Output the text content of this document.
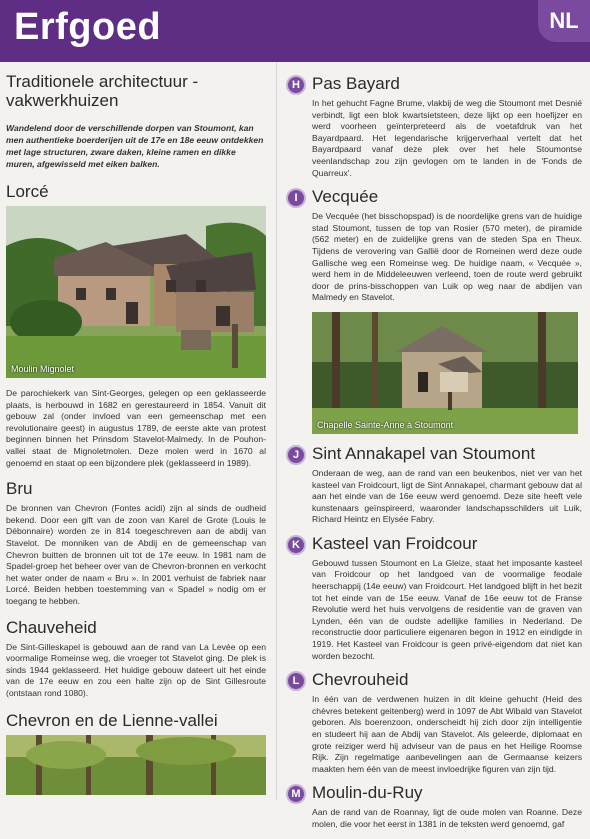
Erfgoed	NL
Traditionele architectuur - vakwerkhuizen
Wandelend door de verschillende dorpen van Stoumont, kan men authentieke boerderijen uit de 17e en 18e eeuw ontdekken met lage structuren, zware daken, kleine ramen en dikke muren, afgewisseld met eiken balken.
Lorcé
Moulin Mignolet
De parochiekerk van Sint-Georges, gelegen op een geklasseerde plaats, is herbouwd in 1682 en gerestaureerd in 1854. Vanuit dit gebouw zal (onder invloed van een gemeenschap met een revolutionaire geest) in augustus 1789, de eerste akte van protest beginnen binnen het Prinsdom Stavelot-Malmedy. In de Pouhon-vallei staat de Mignoletmolen. Deze molen werd in 1670 al genoemd en staat op een bijzondere plek (geklasseerd in 1989).
Bru
De bronnen van Chevron (Fontes acidi) zijn al sinds de oudheid bekend. Door een gift van de zoon van Karel de Grote (Louis le Débonnaire) worden ze in 814 toegeschreven aan de abdij van Stavelot. De monniken van de Abdij en de gemeenschap van Chevron buitten de bronnen uit tot de 17e eeuw. In 1981 nam de Spadel-groep het beheer over van de Chevron-bronnen en verkocht het water onder de naam « Bru ». In 2001 verhuist de fabriek naar Lorcé. Beiden hebben toestemming van « Spadel » nodig om er toegang te hebben.
Chauveheid
De Sint-Gilleskapel is gebouwd aan de rand van La Levée op een voormalige Romeinse weg, die vroeger tot Stavelot ging. De plek is sinds 1944 geklasseerd. Het huidige gebouw dateert uit het einde van de 17e eeuw en zou een halte zijn op de Sint Gillesroute (ontstaan rond 1080).
Chevron en de Lienne-vallei
H Pas Bayard
In het gehucht Fagne Brume, vlakbij de weg die Stoumont met Desnié verbindt, ligt een blok kwartsietsteen, deze lijkt op een hoefijzer en werd voorheen geïnterpreteerd als de voetafdruk van het Bayardpaard. Het legendarische krijgerverhaal vertelt dat het Bayardpaard vanaf deze plek over het hele Stoumontse veenlandschap zou zijn gevlogen om te landen in de 'Fonds de Quarreux'.
I Vecquée
De Vecquée (het bisschopspad) is de noordelijke grens van de huidige stad Stoumont, tussen de top van Rosier (570 meter), de piramide (562 meter) en de zuidelijke grens van de steden Spa en Theux. Tijdens de verovering van Gallië door de Romeinen werd deze oude Gallische weg een Romeinse weg. De huidige naam, « Vecquée », werd hem in de Middeleeuwen verleend, toen de route werd gebruikt door de prins-bisschoppen van Luik op weg naar de abdijen van Malmedy en Stavelot.
Chapelle Sainte-Anne à Stoumont
J Sint Annakapel van Stoumont
Onderaan de weg, aan de rand van een beukenbos, niet ver van het kasteel van Froidcourt, ligt de Sint Annakapel, charmant gebouw dat al aan het einde van de 16e eeuw werd genoemd. Deze site heeft vele kunstenaars geïnspireerd, waaronder landschapsschilders uit Luik, Richard Heintz en Elysée Fabry.
K Kasteel van Froidcour
Gebouwd tussen Stoumont en La Gleize, staat het imposante kasteel van Froidcour op het landgoed van de voormalige feodale heerschappij (14e eeuw) van Froidcourt. Het landgoed blijft in het bezit tot het einde van de 15e eeuw. Vanaf de 16e eeuw tot de Franse Revolutie werd het huis vervolgens de residentie van de graven van Lynden, één van de oudste adellijke families in Nederland. De reconstructie door particuliere eigenaren begon in 1912 en eindigde in 1919. Het Kasteel van Froidcour is geen privé-eigendom dat niet kan worden bezocht.
L Chevrouheid
In één van de verdwenen huizen in dit kleine gehucht (Heid des chèvres betekent geitenberg) werd in 1097 de Abt Wibald van Stavelot geboren. Als boerenzoon, onderscheidt hij zich door zijn intelligentie en studeert hij aan de Abdij van Stavelot. Als geleerde, diplomaat en grote reiziger werd hij adviseur van de paus en het Heilige Roomse Rijk. Zijn regelmatige aanbevelingen aan de Germaanse keizers maakten hem één van de meest invloedrijke figuren van zijn tijd.
M Moulin-du-Ruy
Aan de rand van de Roannay, ligt de oude molen van Roanne. Deze molen, die voor het eerst in 1381 in de teksten werd genoemd, gaf
